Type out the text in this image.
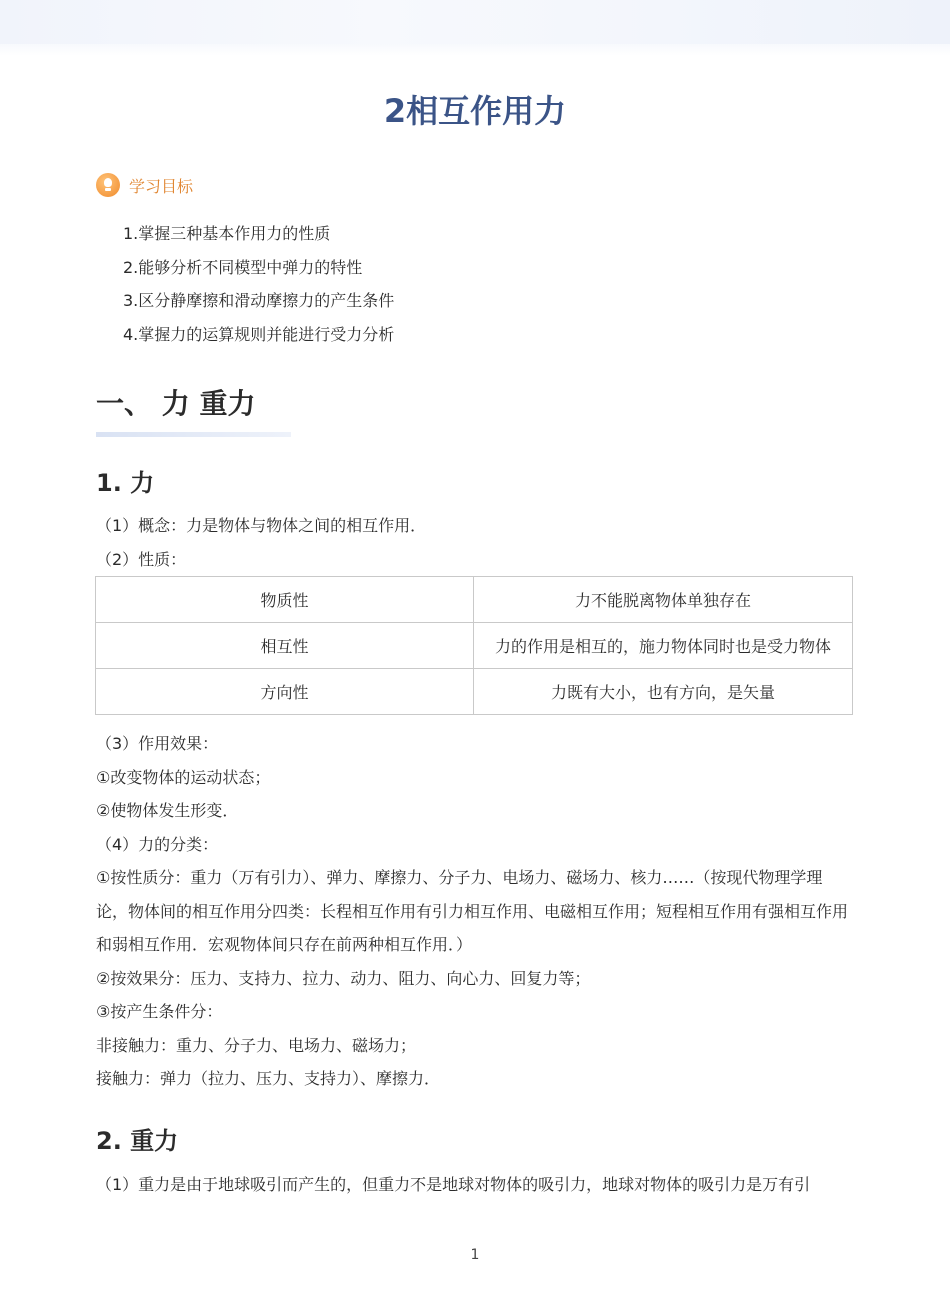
2相互作用力
学习目标
1.掌握三种基本作用力的性质
2.能够分析不同模型中弹力的特性
3.区分静摩擦和滑动摩擦力的产生条件
4.掌握力的运算规则并能进行受力分析
一、 力 重力
1. 力
（1）概念：力是物体与物体之间的相互作用．
（2）性质：
物质性	力不能脱离物体单独存在
相互性	力的作用是相互的，施力物体同时也是受力物体
方向性	力既有大小，也有方向，是矢量
（3）作用效果：
①改变物体的运动状态；
②使物体发生形变．
（4）力的分类：
①按性质分：重力（万有引力）、弹力、摩擦力、分子力、电场力、磁场力、核力……（按现代物理学理论，物体间的相互作用分四类：长程相互作用有引力相互作用、电磁相互作用；短程相互作用有强相互作用和弱相互作用．宏观物体间只存在前两种相互作用．）
②按效果分：压力、支持力、拉力、动力、阻力、向心力、回复力等；
③按产生条件分：
非接触力：重力、分子力、电场力、磁场力；
接触力：弹力（拉力、压力、支持力）、摩擦力．
2. 重力
（1）重力是由于地球吸引而产生的，但重力不是地球对物体的吸引力，地球对物体的吸引力是万有引
1
